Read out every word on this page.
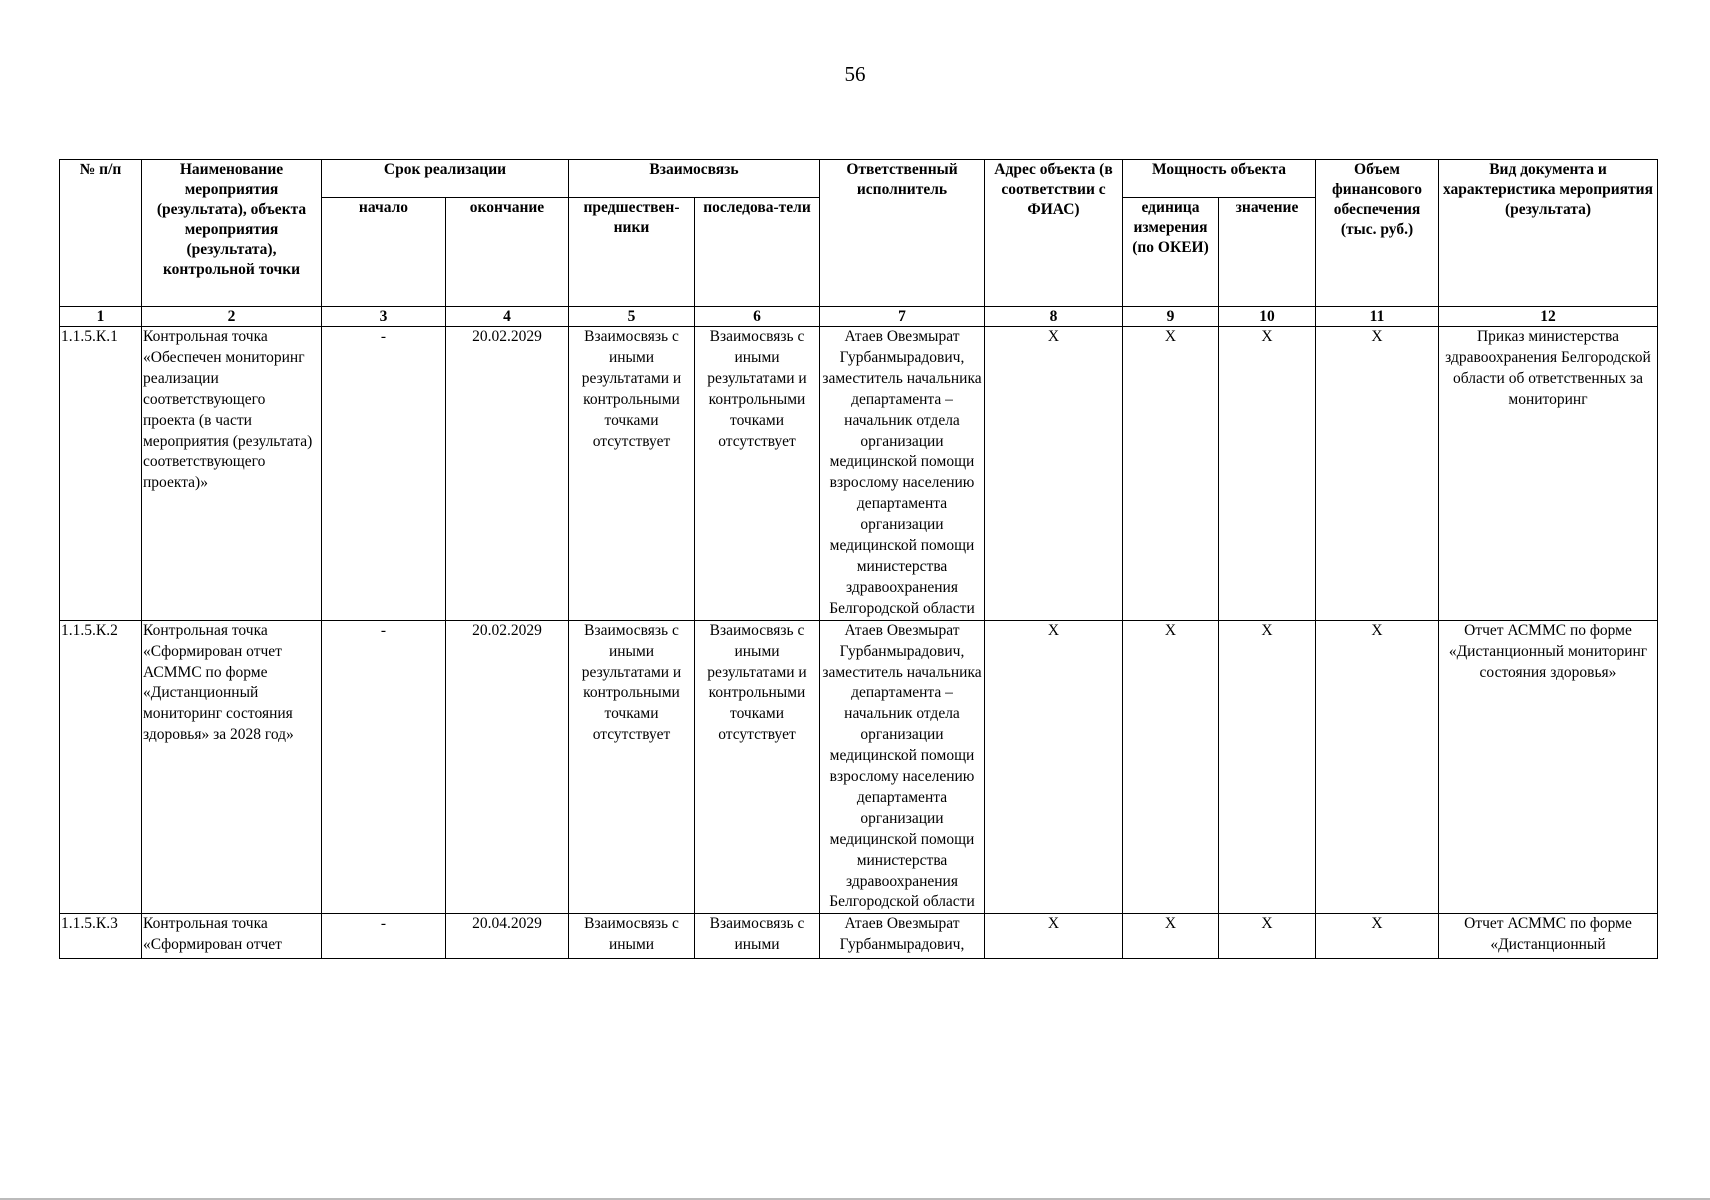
56
№ п/п	Наименование мероприятия (результата), объекта мероприятия (результата), контрольной точки	Срок реализации		Взаимосвязь		Ответственный исполнитель	Адрес объекта (в соответствии с ФИАС)	Мощность объекта		Объем финансового обеспечения (тыс. руб.)	Вид документа и характеристика мероприятия (результата)
		начало	окончание	предшествен-ники	последова-тели			единица измерения (по ОКЕИ)	значение		
1	2	3	4	5	6	7	8	9	10	11	12
1.1.5.К.1	Контрольная точка «Обеспечен мониторинг реализации соответствующего проекта (в части мероприятия (результата) соответствующего проекта)»	-	20.02.2029	Взаимосвязь с иными результатами и контрольными точками отсутствует	Взаимосвязь с иными результатами и контрольными точками отсутствует	Атаев Овезмырат Гурбанмырадович, заместитель начальника департамента – начальник отдела организации медицинской помощи взрослому населению департамента организации медицинской помощи министерства здравоохранения Белгородской области	X	X	X	X	Приказ министерства здравоохранения Белгородской области об ответственных за мониторинг
1.1.5.К.2	Контрольная точка «Сформирован отчет АСММС по форме «Дистанционный мониторинг состояния здоровья» за 2028 год»	-	20.02.2029	Взаимосвязь с иными результатами и контрольными точками отсутствует	Взаимосвязь с иными результатами и контрольными точками отсутствует	Атаев Овезмырат Гурбанмырадович, заместитель начальника департамента – начальник отдела организации медицинской помощи взрослому населению департамента организации медицинской помощи министерства здравоохранения Белгородской области	X	X	X	X	Отчет АСММС по форме «Дистанционный мониторинг состояния здоровья»
1.1.5.К.3	Контрольная точка «Сформирован отчет	-	20.04.2029	Взаимосвязь с иными	Взаимосвязь с иными	Атаев Овезмырат Гурбанмырадович,	X	X	X	X	Отчет АСММС по форме «Дистанционный
